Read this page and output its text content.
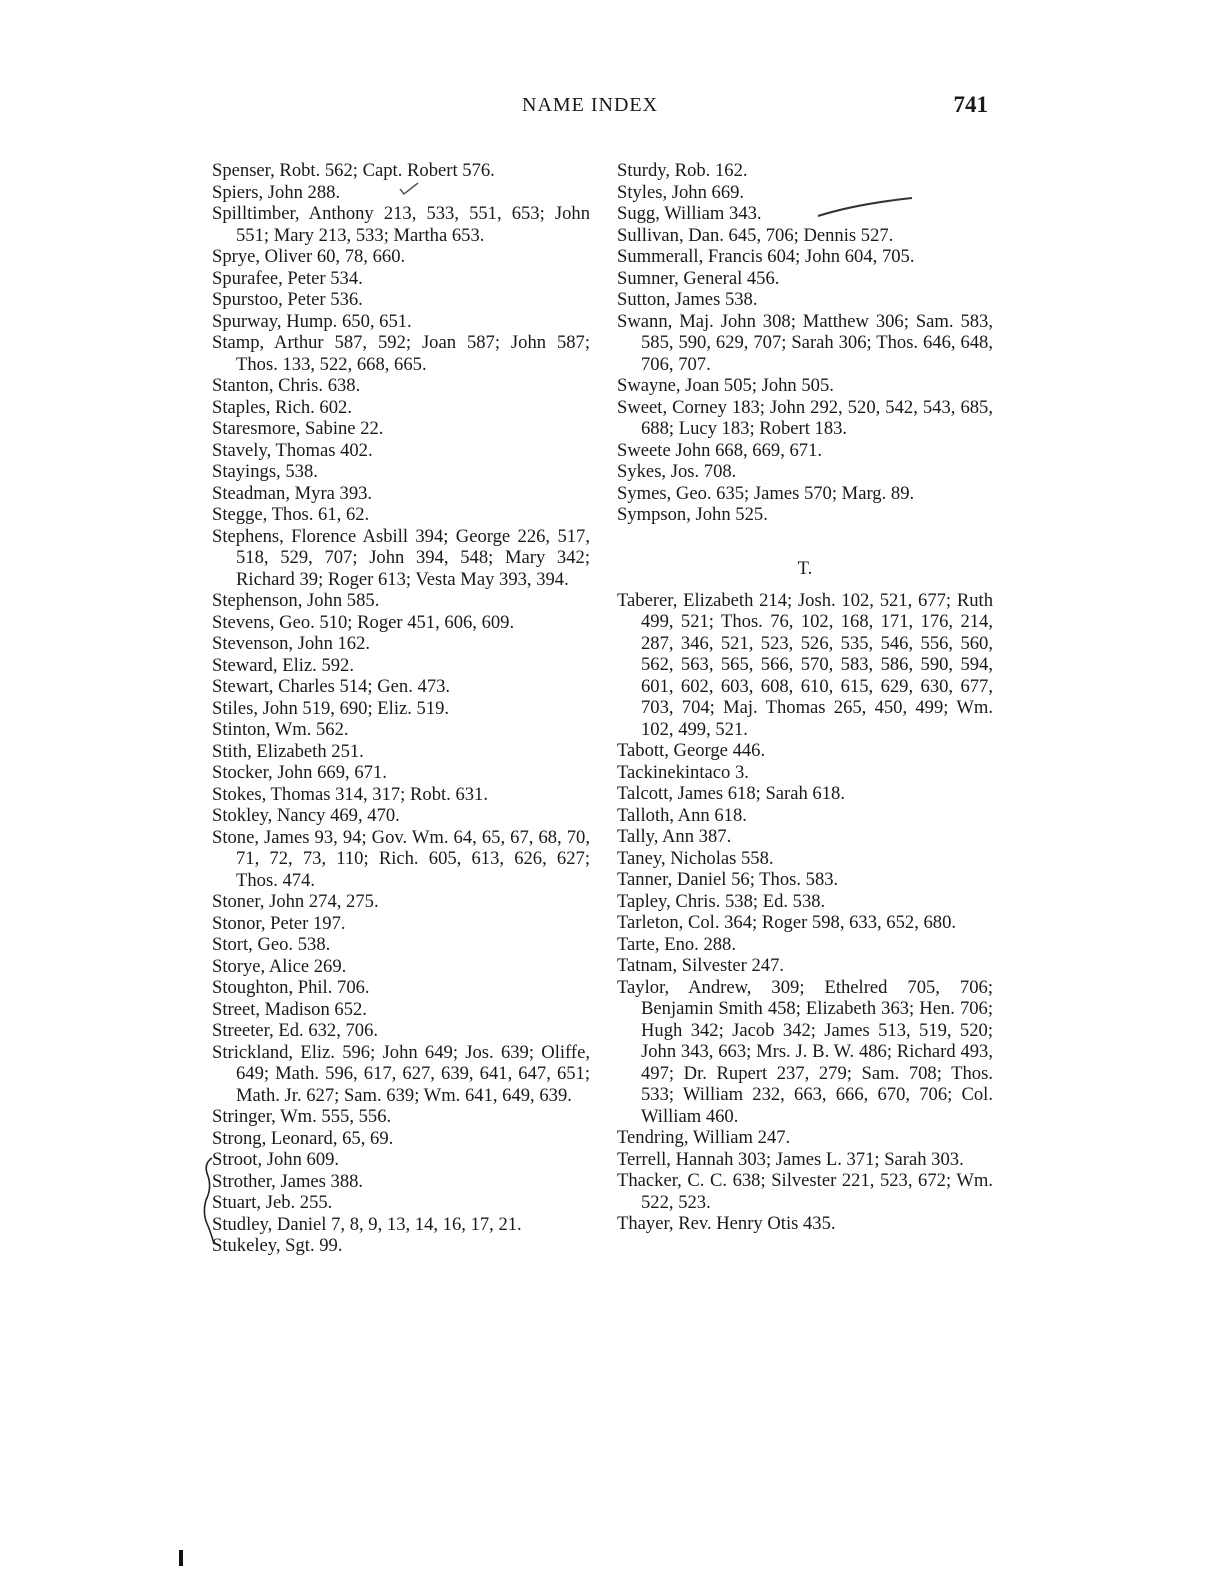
NAME INDEX	741

Spenser, Robt. 562; Capt. Robert 576.

Spiers, John 288.

Spilltimber, Anthony 213, 533, 551, 653; John 551; Mary 213, 533; Martha 653.

Sprye, Oliver 60, 78, 660.

Spurafee, Peter 534.

Spurstoo, Peter 536.

Spurway, Hump. 650, 651.

Stamp, Arthur 587, 592; Joan 587; John 587; Thos. 133, 522, 668, 665.

Stanton, Chris. 638.

Staples, Rich. 602.

Staresmore, Sabine 22.

Stavely, Thomas 402.

Stayings, 538.

Steadman, Myra 393.

Stegge, Thos. 61, 62.

Stephens, Florence Asbill 394; George 226, 517, 518, 529, 707; John 394, 548; Mary 342; Richard 39; Roger 613; Vesta May 393, 394.

Stephenson, John 585.

Stevens, Geo. 510; Roger 451, 606, 609.

Stevenson, John 162.

Steward, Eliz. 592.

Stewart, Charles 514; Gen. 473.

Stiles, John 519, 690; Eliz. 519.

Stinton, Wm. 562.

Stith, Elizabeth 251.

Stocker, John 669, 671.

Stokes, Thomas 314, 317; Robt. 631.

Stokley, Nancy 469, 470.

Stone, James 93, 94; Gov. Wm. 64, 65, 67, 68, 70, 71, 72, 73, 110; Rich. 605, 613, 626, 627; Thos. 474.

Stoner, John 274, 275.

Stonor, Peter 197.

Stort, Geo. 538.

Storye, Alice 269.

Stoughton, Phil. 706.

Street, Madison 652.

Streeter, Ed. 632, 706.

Strickland, Eliz. 596; John 649; Jos. 639; Oliffe, 649; Math. 596, 617, 627, 639, 641, 647, 651; Math. Jr. 627; Sam. 639; Wm. 641, 649, 639.

Stringer, Wm. 555, 556.

Strong, Leonard, 65, 69.

Stroot, John 609.

Strother, James 388.

Stuart, Jeb. 255.

Studley, Daniel 7, 8, 9, 13, 14, 16, 17, 21.

Stukeley, Sgt. 99.

Sturdy, Rob. 162.

Styles, John 669.

Sugg, William 343.

Sullivan, Dan. 645, 706; Dennis 527.

Summerall, Francis 604; John 604, 705.

Sumner, General 456.

Sutton, James 538.

Swann, Maj. John 308; Matthew 306; Sam. 583, 585, 590, 629, 707; Sarah 306; Thos. 646, 648, 706, 707.

Swayne, Joan 505; John 505.

Sweet, Corney 183; John 292, 520, 542, 543, 685, 688; Lucy 183; Robert 183.

Sweete John 668, 669, 671.

Sykes, Jos. 708.

Symes, Geo. 635; James 570; Marg. 89.

Sympson, John 525.

T.

Taberer, Elizabeth 214; Josh. 102, 521, 677; Ruth 499, 521; Thos. 76, 102, 168, 171, 176, 214, 287, 346, 521, 523, 526, 535, 546, 556, 560, 562, 563, 565, 566, 570, 583, 586, 590, 594, 601, 602, 603, 608, 610, 615, 629, 630, 677, 703, 704; Maj. Thomas 265, 450, 499; Wm. 102, 499, 521.

Tabott, George 446.

Tackinekintaco 3.

Talcott, James 618; Sarah 618.

Talloth, Ann 618.

Tally, Ann 387.

Taney, Nicholas 558.

Tanner, Daniel 56; Thos. 583.

Tapley, Chris. 538; Ed. 538.

Tarleton, Col. 364; Roger 598, 633, 652, 680.

Tarte, Eno. 288.

Tatnam, Silvester 247.

Taylor, Andrew, 309; Ethelred 705, 706; Benjamin Smith 458; Elizabeth 363; Hen. 706; Hugh 342; Jacob 342; James 513, 519, 520; John 343, 663; Mrs. J. B. W. 486; Richard 493, 497; Dr. Rupert 237, 279; Sam. 708; Thos. 533; William 232, 663, 666, 670, 706; Col. William 460.

Tendring, William 247.

Terrell, Hannah 303; James L. 371; Sarah 303.

Thacker, C. C. 638; Silvester 221, 523, 672; Wm. 522, 523.

Thayer, Rev. Henry Otis 435.
